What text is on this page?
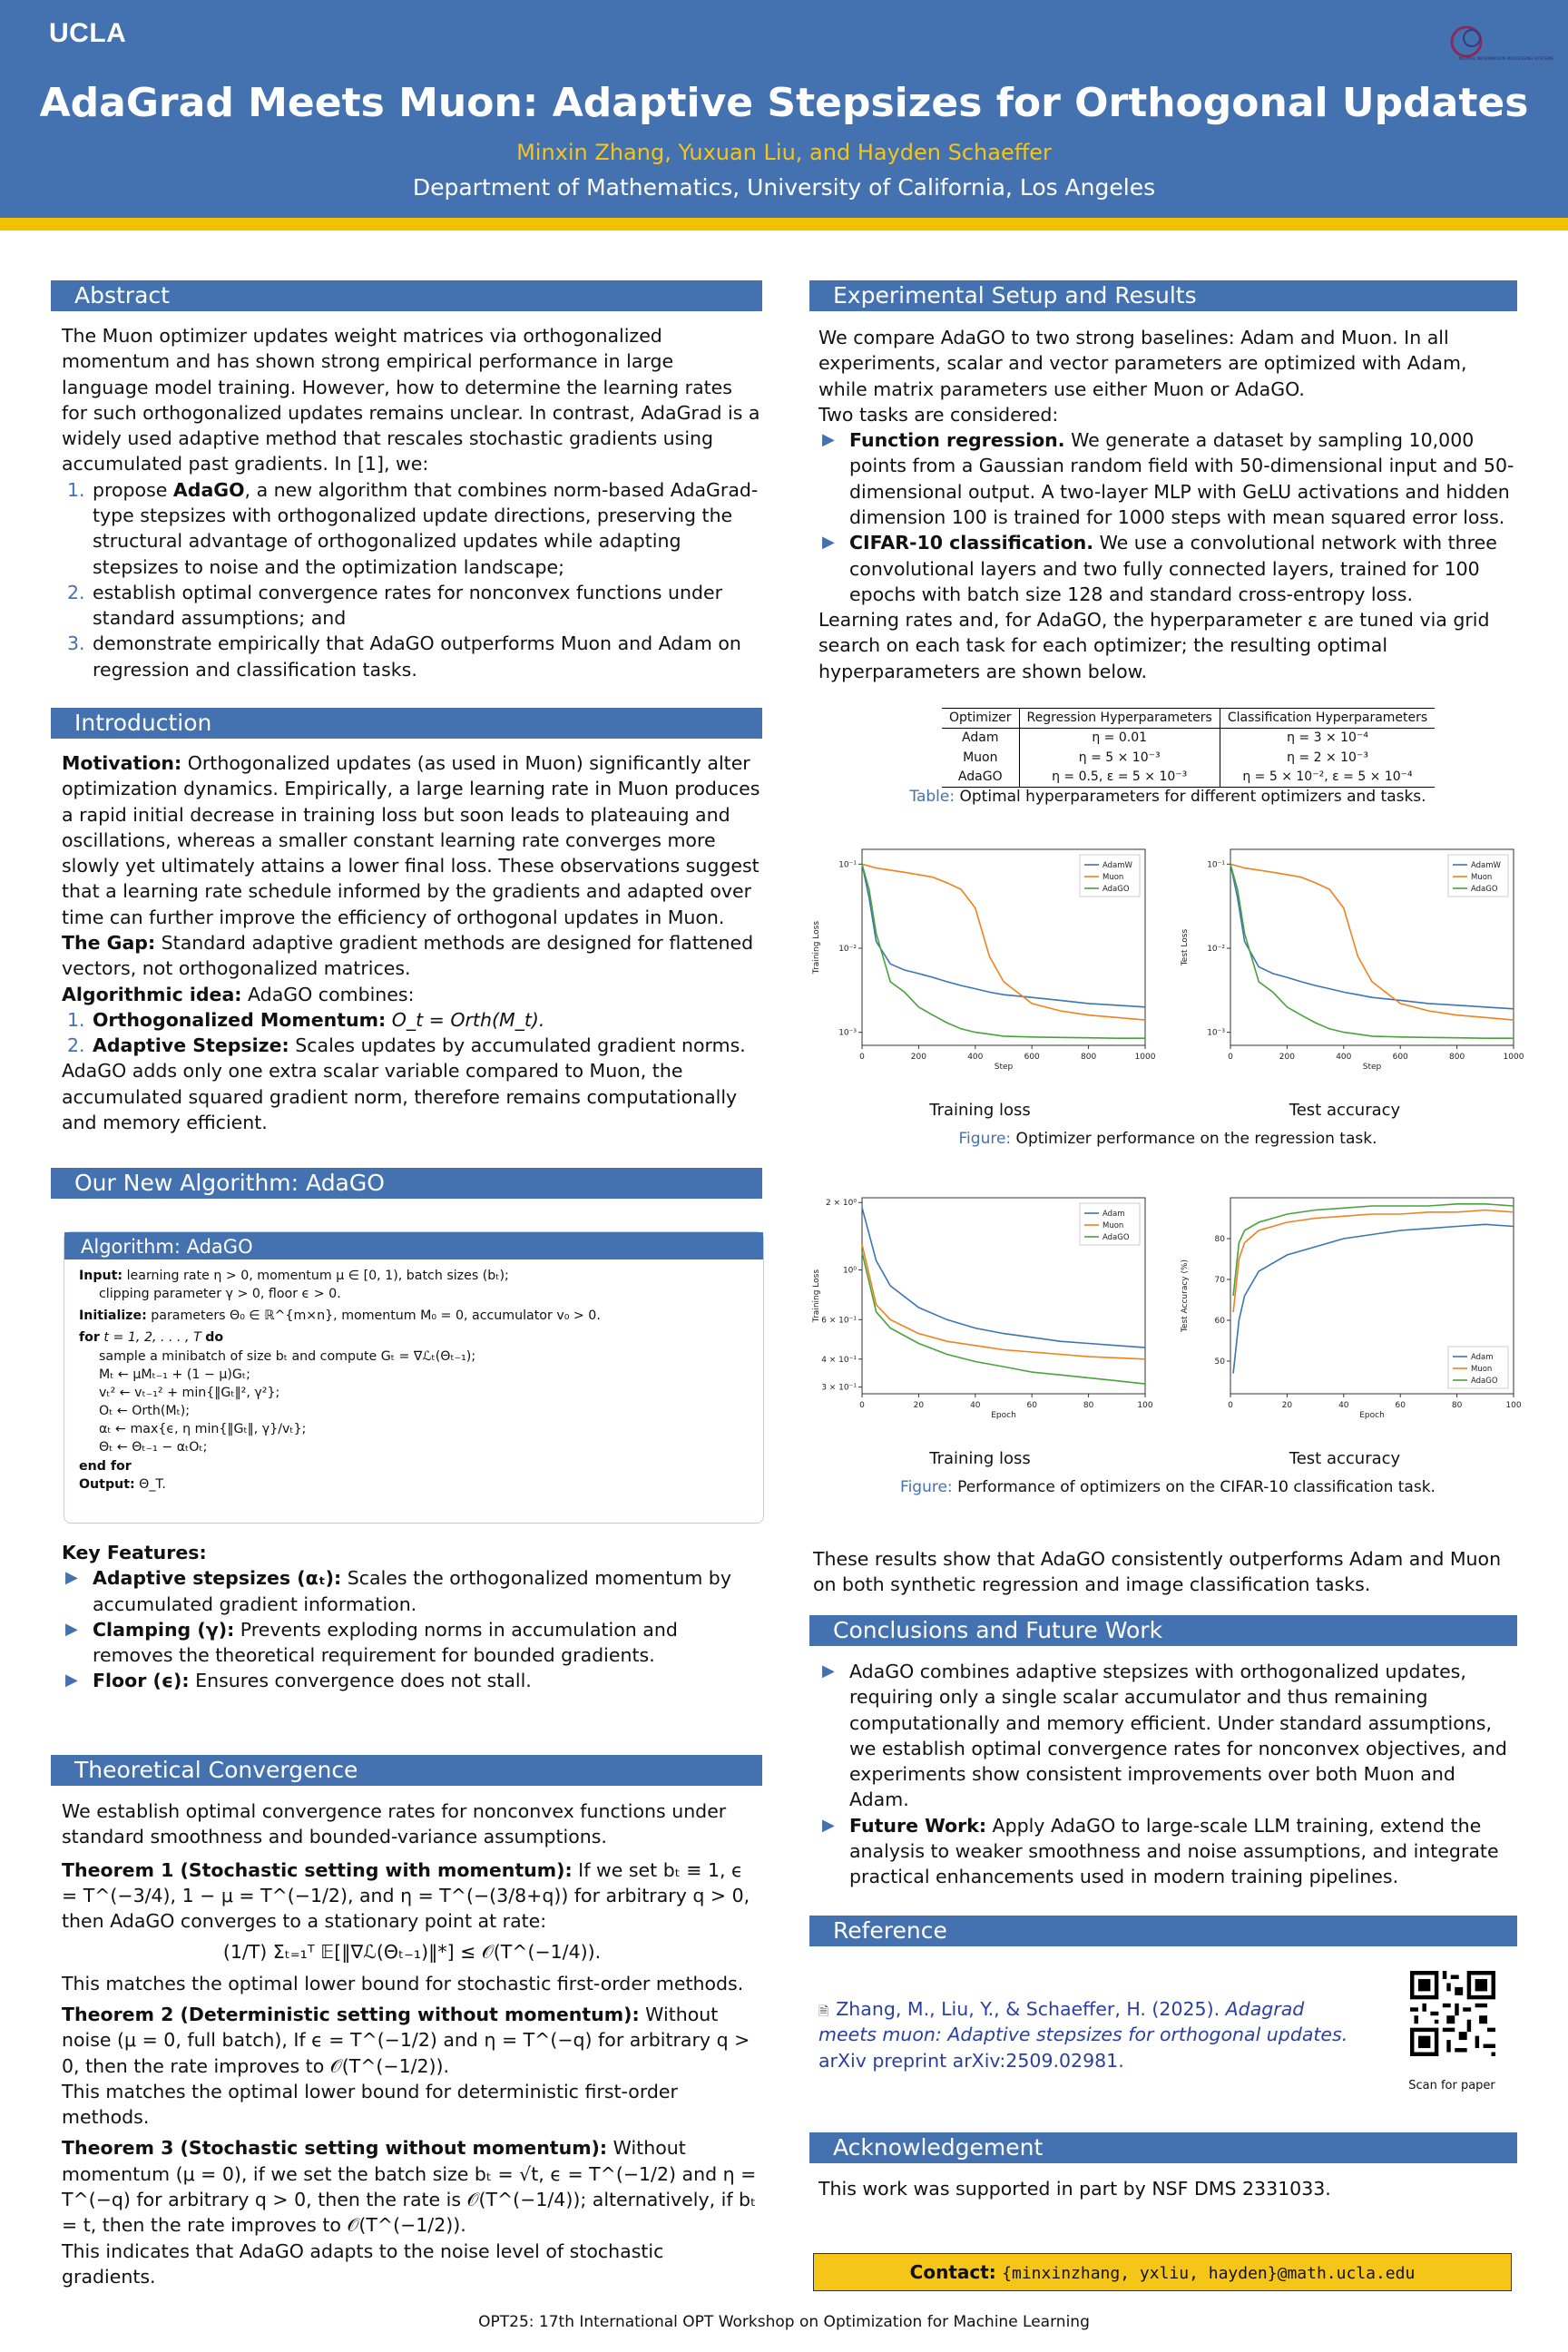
UCLA
NEURAL INFORMATION PROCESSING SYSTEMS
AdaGrad Meets Muon: Adaptive Stepsizes for Orthogonal Updates
Minxin Zhang, Yuxuan Liu, and Hayden Schaeffer
Department of Mathematics, University of California, Los Angeles
Abstract

The Muon optimizer updates weight matrices via orthogonalized momentum and has shown strong empirical performance in large language model training. However, how to determine the learning rates for such orthogonalized updates remains unclear. In contrast, AdaGrad is a widely used adaptive method that rescales stochastic gradients using accumulated past gradients. In [1], we:

1. propose AdaGO, a new algorithm that combines norm-based AdaGrad-type stepsizes with orthogonalized update directions, preserving the structural advantage of orthogonalized updates while adapting stepsizes to noise and the optimization landscape;
2. establish optimal convergence rates for nonconvex functions under standard assumptions; and
3. demonstrate empirically that AdaGO outperforms Muon and Adam on regression and classification tasks.
Introduction

Motivation: Orthogonalized updates (as used in Muon) significantly alter optimization dynamics. Empirically, a large learning rate in Muon produces a rapid initial decrease in training loss but soon leads to plateauing and oscillations, whereas a smaller constant learning rate converges more slowly yet ultimately attains a lower final loss. These observations suggest that a learning rate schedule informed by the gradients and adapted over time can further improve the efficiency of orthogonal updates in Muon.

The Gap: Standard adaptive gradient methods are designed for flattened vectors, not orthogonalized matrices.

Algorithmic idea: AdaGO combines:

1. Orthogonalized Momentum: O_t = Orth(M_t).
2. Adaptive Stepsize: Scales updates by accumulated gradient norms.

AdaGO adds only one extra scalar variable compared to Muon, the accumulated squared gradient norm, therefore remains computationally and memory efficient.

Our New Algorithm: AdaGO
Algorithm: AdaGO
Input: learning rate η > 0, momentum μ ∈ [0, 1), batch sizes (bₜ);
clipping parameter γ > 0, floor ϵ > 0.
Initialize: parameters Θ₀ ∈ ℝ^{m×n}, momentum M₀ = 0, accumulator v₀ > 0.
for t = 1, 2, . . . , T do
sample a minibatch of size bₜ and compute Gₜ = ∇ℒₜ(Θₜ₋₁);
Mₜ ← μMₜ₋₁ + (1 − μ)Gₜ;
vₜ² ← vₜ₋₁² + min{‖Gₜ‖², γ²};
Oₜ ← Orth(Mₜ);
αₜ ← max{ϵ, η min{‖Gₜ‖, γ}/vₜ};
Θₜ ← Θₜ₋₁ − αₜOₜ;
end for
Output: Θ_T.

Key Features:

▶ Adaptive stepsizes (αₜ): Scales the orthogonalized momentum by accumulated gradient information.
▶ Clamping (γ): Prevents exploding norms in accumulation and removes the theoretical requirement for bounded gradients.
▶ Floor (ϵ): Ensures convergence does not stall.
Theoretical Convergence

We establish optimal convergence rates for nonconvex functions under standard smoothness and bounded-variance assumptions.

Theorem 1 (Stochastic setting with momentum): If we set bₜ ≡ 1, ϵ = T^(−3/4), 1 − μ = T^(−1/2), and η = T^(−(3/8+q)) for arbitrary q > 0, then AdaGO converges to a stationary point at rate:

(1/T) Σₜ₌₁ᵀ 𝔼[‖∇ℒ(Θₜ₋₁)‖*] ≤ 𝒪(T^(−1/4)).

This matches the optimal lower bound for stochastic first-order methods.

Theorem 2 (Deterministic setting without momentum): Without noise (μ = 0, full batch), If ϵ = T^(−1/2) and η = T^(−q) for arbitrary q > 0, then the rate improves to 𝒪(T^(−1/2)).

This matches the optimal lower bound for deterministic first-order methods.

Theorem 3 (Stochastic setting without momentum): Without momentum (μ = 0), if we set the batch size bₜ = √t, ϵ = T^(−1/2) and η = T^(−q) for arbitrary q > 0, then the rate is 𝒪(T^(−1/4)); alternatively, if bₜ = t, then the rate improves to 𝒪(T^(−1/2)).

This indicates that AdaGO adapts to the noise level of stochastic gradients.

Experimental Setup and Results

We compare AdaGO to two strong baselines: Adam and Muon. In all experiments, scalar and vector parameters are optimized with Adam, while matrix parameters use either Muon or AdaGO.

Two tasks are considered:

▶ Function regression. We generate a dataset by sampling 10,000 points from a Gaussian random field with 50-dimensional input and 50-dimensional output. A two-layer MLP with GeLU activations and hidden dimension 100 is trained for 1000 steps with mean squared error loss.
▶ CIFAR-10 classification. We use a convolutional network with three convolutional layers and two fully connected layers, trained for 100 epochs with batch size 128 and standard cross-entropy loss.

Learning rates and, for AdaGO, the hyperparameter ε are tuned via grid search on each task for each optimizer; the resulting optimal hyperparameters are shown below.

Optimizer	Regression Hyperparameters	Classification Hyperparameters
Adam	η = 0.01	η = 3 × 10⁻⁴
Muon	η = 5 × 10⁻³	η = 2 × 10⁻³
AdaGO	η = 0.5, ε = 5 × 10⁻³	η = 5 × 10⁻², ε = 5 × 10⁻⁴
Table: Optimal hyperparameters for different optimizers and tasks.
0	200	400	600	800	1000
10⁻¹
10⁻²
10⁻³
Step
Training Loss
AdamW
Muon
AdaGO
0	200	400	600	800	1000
10⁻¹
10⁻²
10⁻³
Step
Test Loss
AdamW
Muon
AdaGO
Training loss	Test accuracy
Figure: Optimizer performance on the regression task.
0	20	40	60	80	100
2 × 10⁰
10⁰
6 × 10⁻¹
4 × 10⁻¹
3 × 10⁻¹
Epoch
Training Loss
Adam
Muon
AdaGO
0	20	40	60	80	100
50
60
70
80
Epoch
Test Accuracy (%)
Adam
Muon
AdaGO
Training loss	Test accuracy
Figure: Performance of optimizers on the CIFAR-10 classification task.
These results show that AdaGO consistently outperforms Adam and Muon on both synthetic regression and image classification tasks.
Conclusions and Future Work
▶ AdaGO combines adaptive stepsizes with orthogonalized updates, requiring only a single scalar accumulator and thus remaining computationally and memory efficient. Under standard assumptions, we establish optimal convergence rates for nonconvex objectives, and experiments show consistent improvements over both Muon and Adam.
▶ Future Work: Apply AdaGO to large-scale LLM training, extend the analysis to weaker smoothness and noise assumptions, and integrate practical enhancements used in modern training pipelines.
Reference
🗎 Zhang, M., Liu, Y., & Schaeffer, H. (2025). Adagrad meets muon: Adaptive stepsizes for orthogonal updates. arXiv preprint arXiv:2509.02981.
Scan for paper
Acknowledgement
This work was supported in part by NSF DMS 2331033.
Contact: {minxinzhang, yxliu, hayden}@math.ucla.edu
OPT25: 17th International OPT Workshop on Optimization for Machine Learning
